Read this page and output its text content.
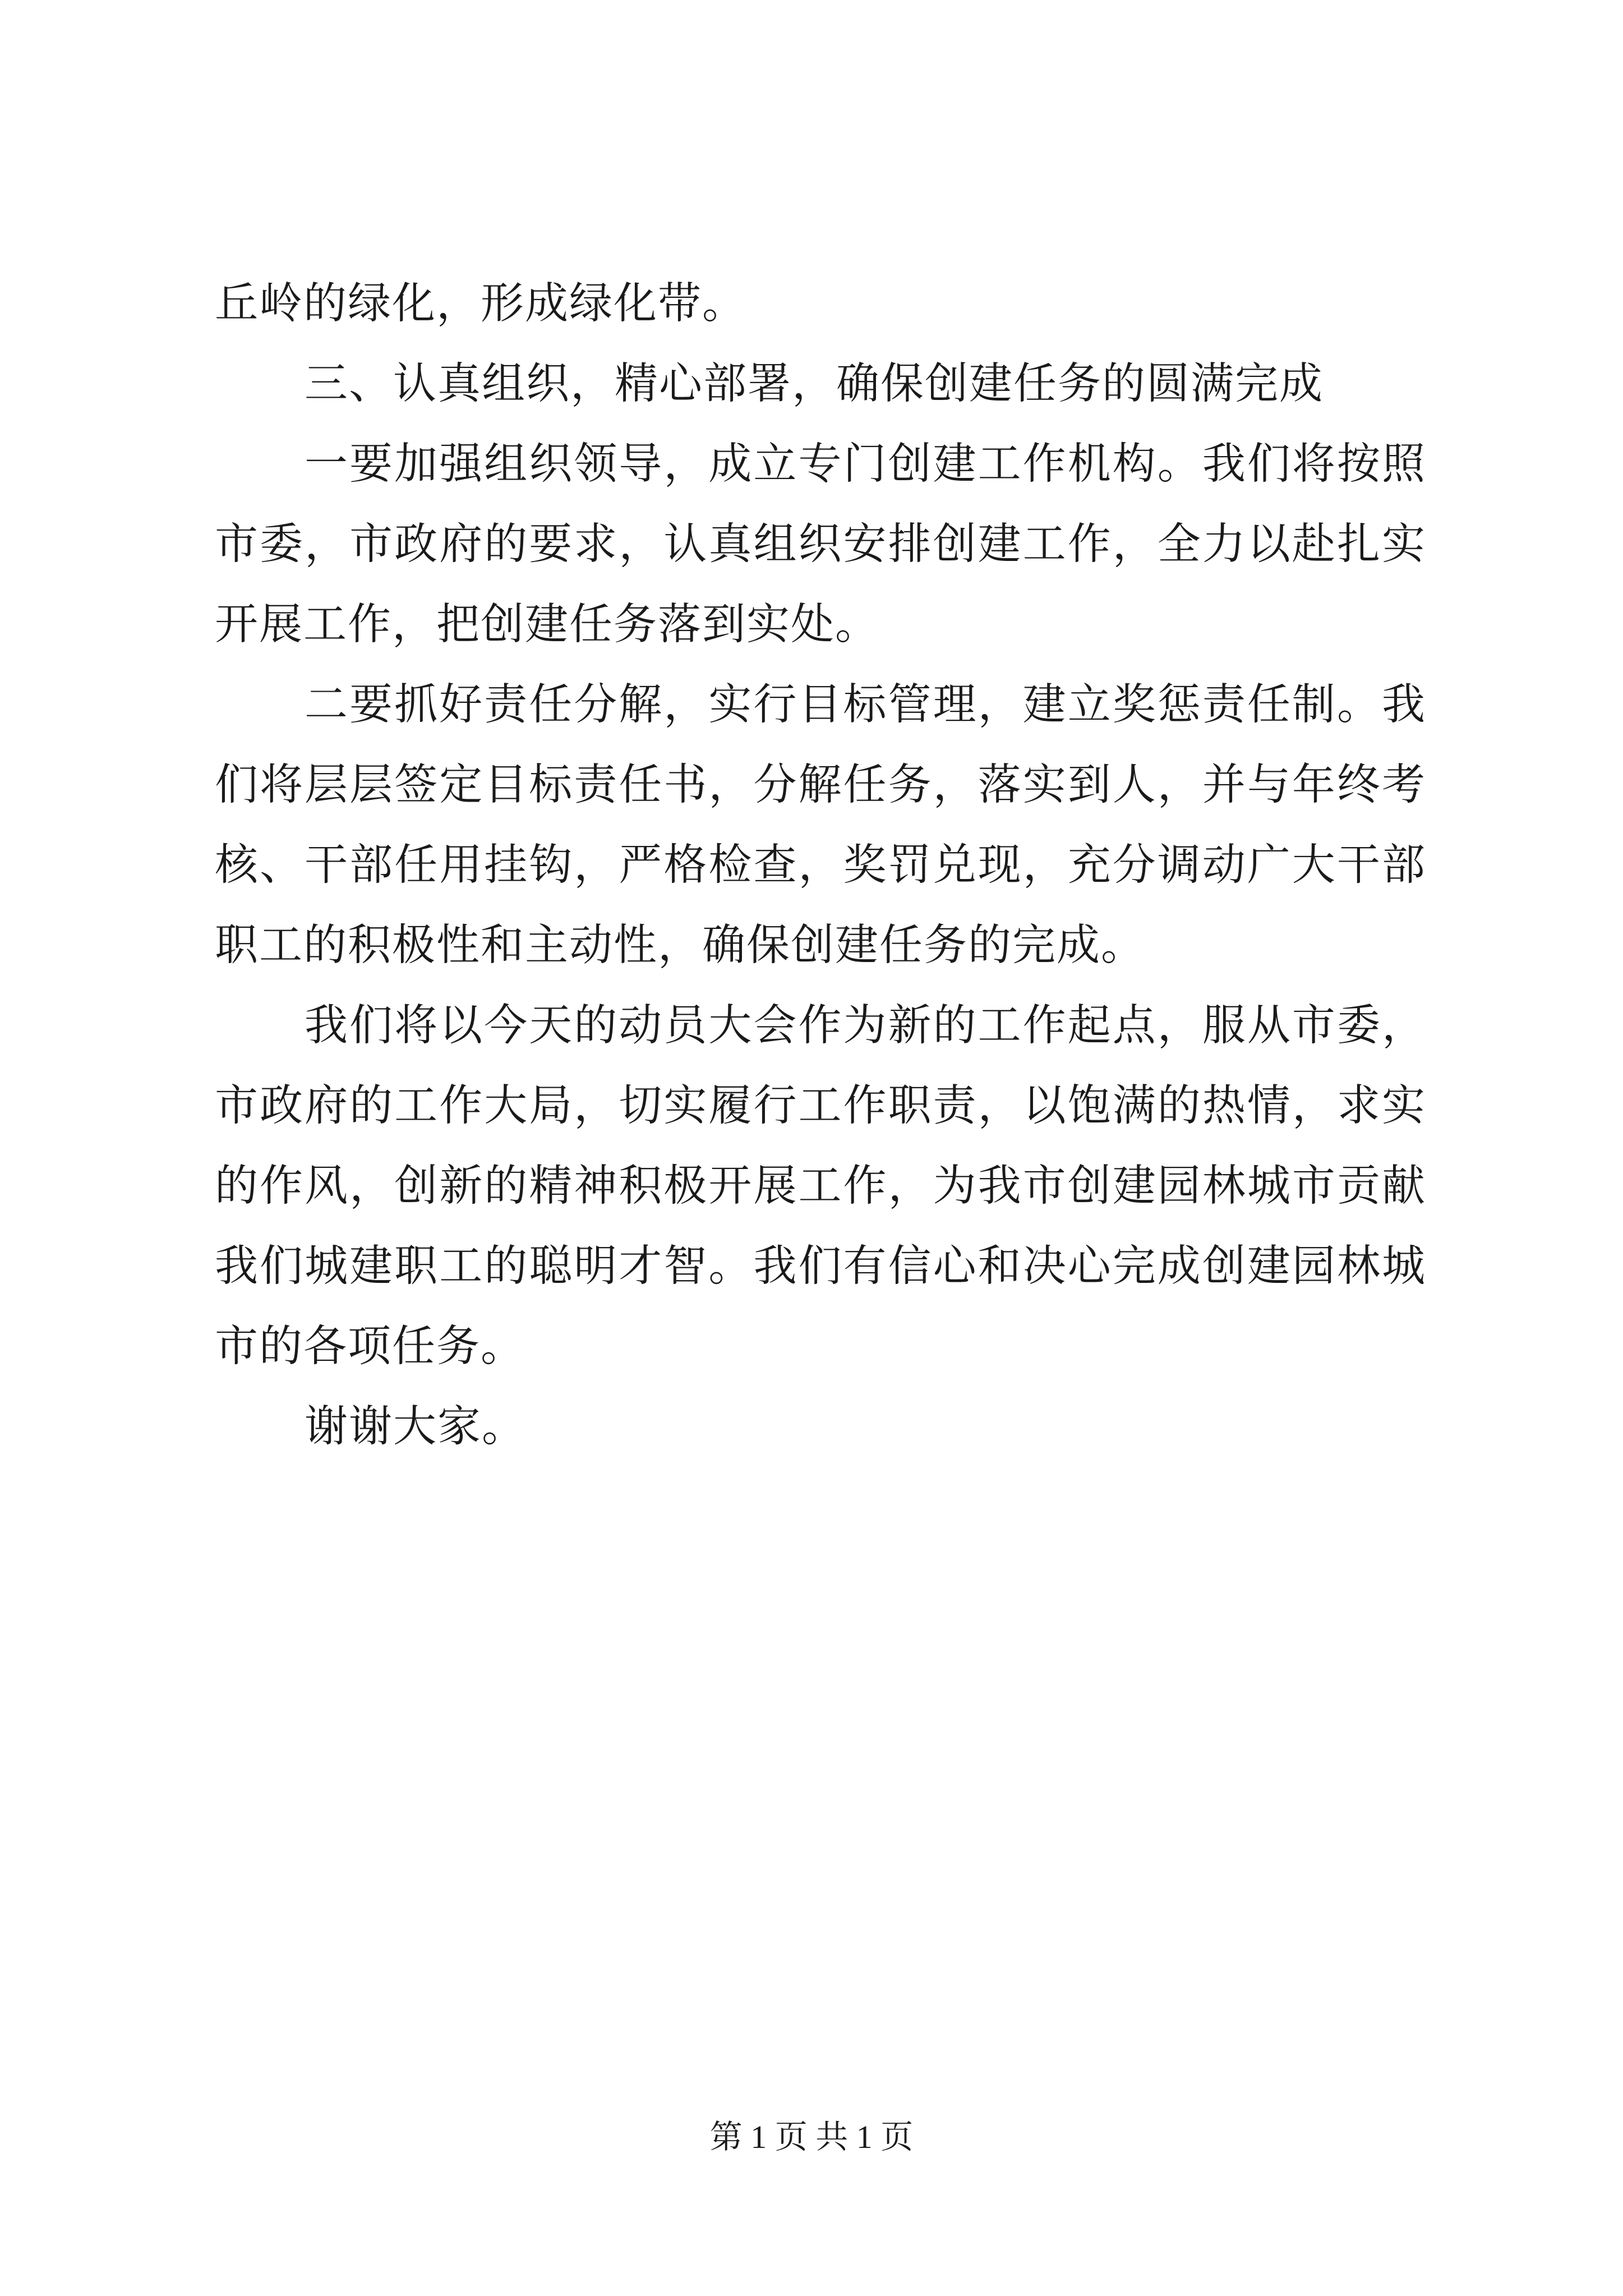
丘岭的绿化，形成绿化带。

三、认真组织，精心部署，确保创建任务的圆满完成

一要加强组织领导，成立专门创建工作机构。我们将按照市委，市政府的要求，认真组织安排创建工作，全力以赴扎实开展工作，把创建任务落到实处。

二要抓好责任分解，实行目标管理，建立奖惩责任制。我们将层层签定目标责任书，分解任务，落实到人，并与年终考核、干部任用挂钩，严格检查，奖罚兑现，充分调动广大干部职工的积极性和主动性，确保创建任务的完成。

我们将以今天的动员大会作为新的工作起点，服从市委，市政府的工作大局，切实履行工作职责，以饱满的热情，求实的作风，创新的精神积极开展工作，为我市创建园林城市贡献我们城建职工的聪明才智。我们有信心和决心完成创建园林城市的各项任务。

谢谢大家。

第 1 页 共 1 页
